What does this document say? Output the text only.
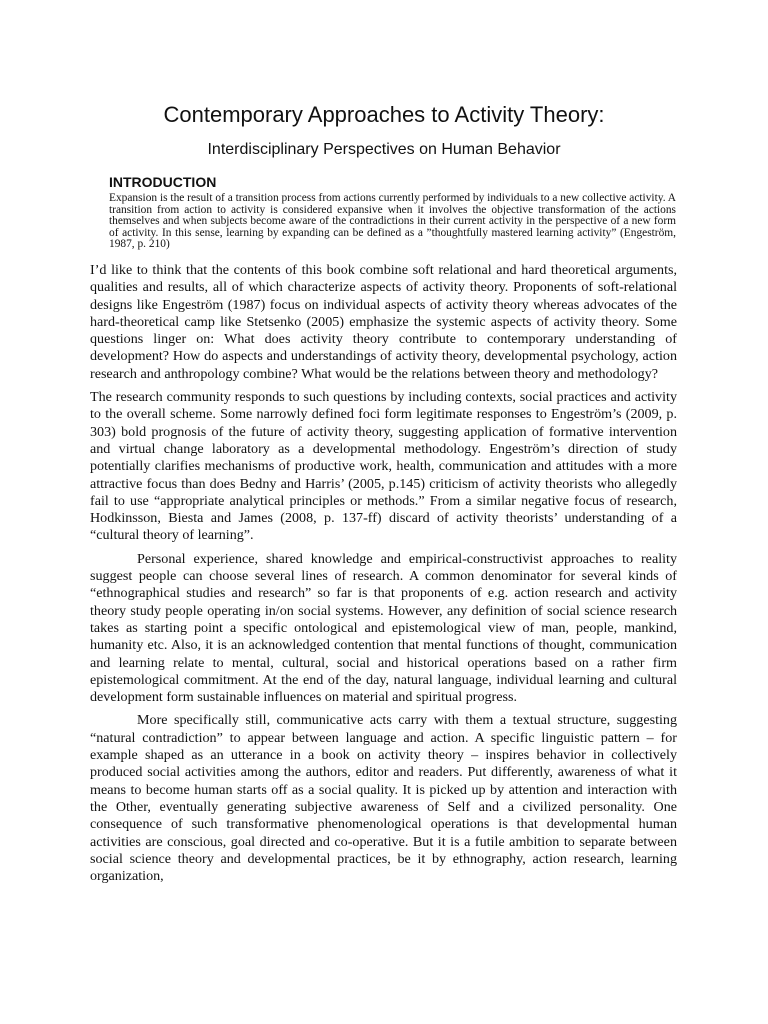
Contemporary Approaches to Activity Theory:
Interdisciplinary Perspectives on Human Behavior
INTRODUCTION

Expansion is the result of a transition process from actions currently performed by individuals to a new collective activity. A transition from action to activity is considered expansive when it involves the objective transformation of the actions themselves and when subjects become aware of the contradictions in their current activity in the perspective of a new form of activity. In this sense, learning by expanding can be defined as a ”thoughtfully mastered learning activity” (Engeström, 1987, p. 210)

I’d like to think that the contents of this book combine soft relational and hard theoretical arguments, qualities and results, all of which characterize aspects of activity theory. Proponents of soft-relational designs like Engeström (1987) focus on individual aspects of activity theory whereas advocates of the hard-theoretical camp like Stetsenko (2005) emphasize the systemic aspects of activity theory. Some questions linger on: What does activity theory contribute to contemporary understanding of development? How do aspects and understandings of activity theory, developmental psychology, action research and anthropology combine? What would be the relations between theory and methodology?

The research community responds to such questions by including contexts, social practices and activity to the overall scheme. Some narrowly defined foci form legitimate responses to Engeström’s (2009, p. 303) bold prognosis of the future of activity theory, suggesting application of formative intervention and virtual change laboratory as a developmental methodology. Engeström’s direction of study potentially clarifies mechanisms of productive work, health, communication and attitudes with a more attractive focus than does Bedny and Harris’ (2005, p.145) criticism of activity theorists who allegedly fail to use “appropriate analytical principles or methods.” From a similar negative focus of research, Hodkinsson, Biesta and James (2008, p. 137-ff) discard of activity theorists’ understanding of a “cultural theory of learning”.

Personal experience, shared knowledge and empirical-constructivist approaches to reality suggest people can choose several lines of research. A common denominator for several kinds of “ethnographical studies and research” so far is that proponents of e.g. action research and activity theory study people operating in/on social systems. However, any definition of social science research takes as starting point a specific ontological and epistemological view of man, people, mankind, humanity etc. Also, it is an acknowledged contention that mental functions of thought, communication and learning relate to mental, cultural, social and historical operations based on a rather firm epistemological commitment. At the end of the day, natural language, individual learning and cultural development form sustainable influences on material and spiritual progress.

More specifically still, communicative acts carry with them a textual structure, suggesting “natural contradiction” to appear between language and action. A specific linguistic pattern – for example shaped as an utterance in a book on activity theory – inspires behavior in collectively produced social activities among the authors, editor and readers. Put differently, awareness of what it means to become human starts off as a social quality. It is picked up by attention and interaction with the Other, eventually generating subjective awareness of Self and a civilized personality. One consequence of such transformative phenomenological operations is that developmental human activities are conscious, goal directed and co-operative. But it is a futile ambition to separate between social science theory and developmental practices, be it by ethnography, action research, learning organization,
